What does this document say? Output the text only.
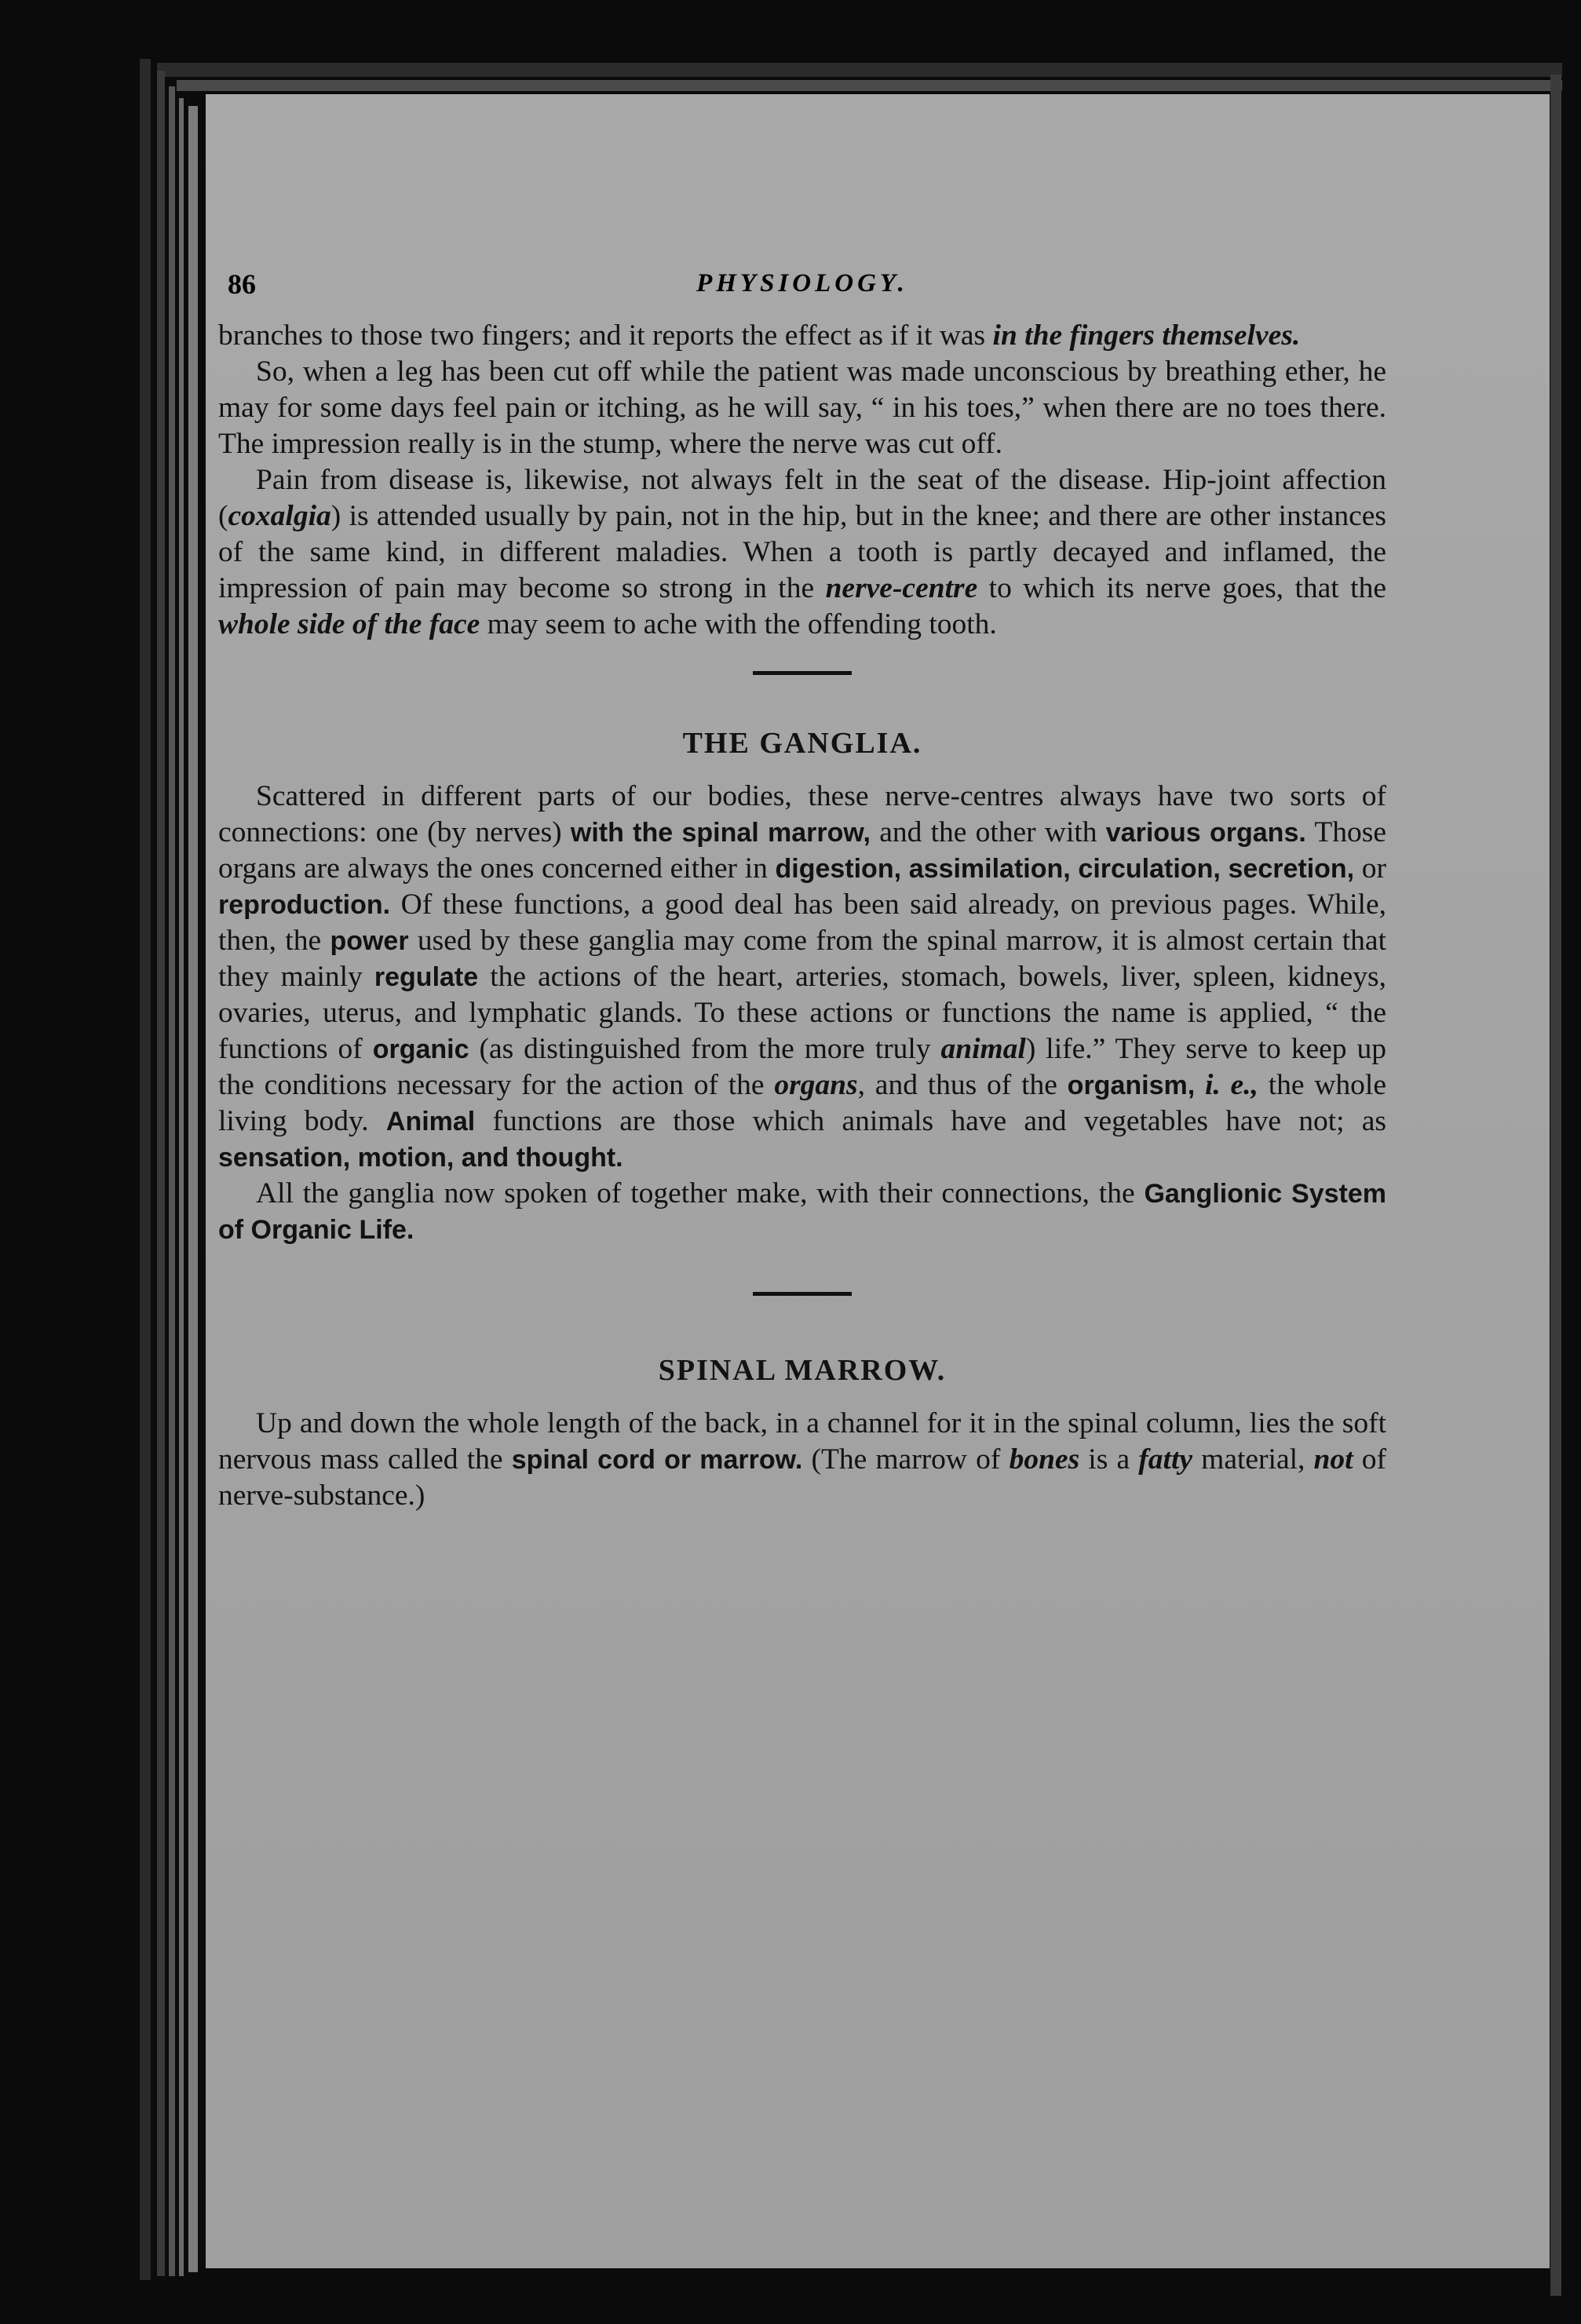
86	PHYSIOLOGY.

branches to those two fingers; and it reports the effect as if it was in the fingers themselves.

So, when a leg has been cut off while the patient was made unconscious by breathing ether, he may for some days feel pain or itching, as he will say, “ in his toes,” when there are no toes there. The impression really is in the stump, where the nerve was cut off.

Pain from disease is, likewise, not always felt in the seat of the disease. Hip-joint affection (coxalgia) is attended usually by pain, not in the hip, but in the knee; and there are other instances of the same kind, in different maladies. When a tooth is partly decayed and inflamed, the impression of pain may become so strong in the nerve-centre to which its nerve goes, that the whole side of the face may seem to ache with the offending tooth.

THE GANGLIA.

Scattered in different parts of our bodies, these nerve-centres always have two sorts of connections: one (by nerves) with the spinal marrow, and the other with various organs. Those organs are always the ones concerned either in digestion, assimilation, circulation, secretion, or reproduction. Of these functions, a good deal has been said already, on previous pages. While, then, the power used by these ganglia may come from the spinal marrow, it is almost certain that they mainly regulate the actions of the heart, arteries, stomach, bowels, liver, spleen, kidneys, ovaries, uterus, and lymphatic glands. To these actions or functions the name is applied, “ the functions of organic (as distinguished from the more truly animal) life.” They serve to keep up the conditions necessary for the action of the organs, and thus of the organism, i. e., the whole living body. Animal functions are those which animals have and vegetables have not; as sensation, motion, and thought.

All the ganglia now spoken of together make, with their connections, the Ganglionic System of Organic Life.

SPINAL MARROW.

Up and down the whole length of the back, in a channel for it in the spinal column, lies the soft nervous mass called the spinal cord or marrow. (The marrow of bones is a fatty material, not of nerve-substance.)
